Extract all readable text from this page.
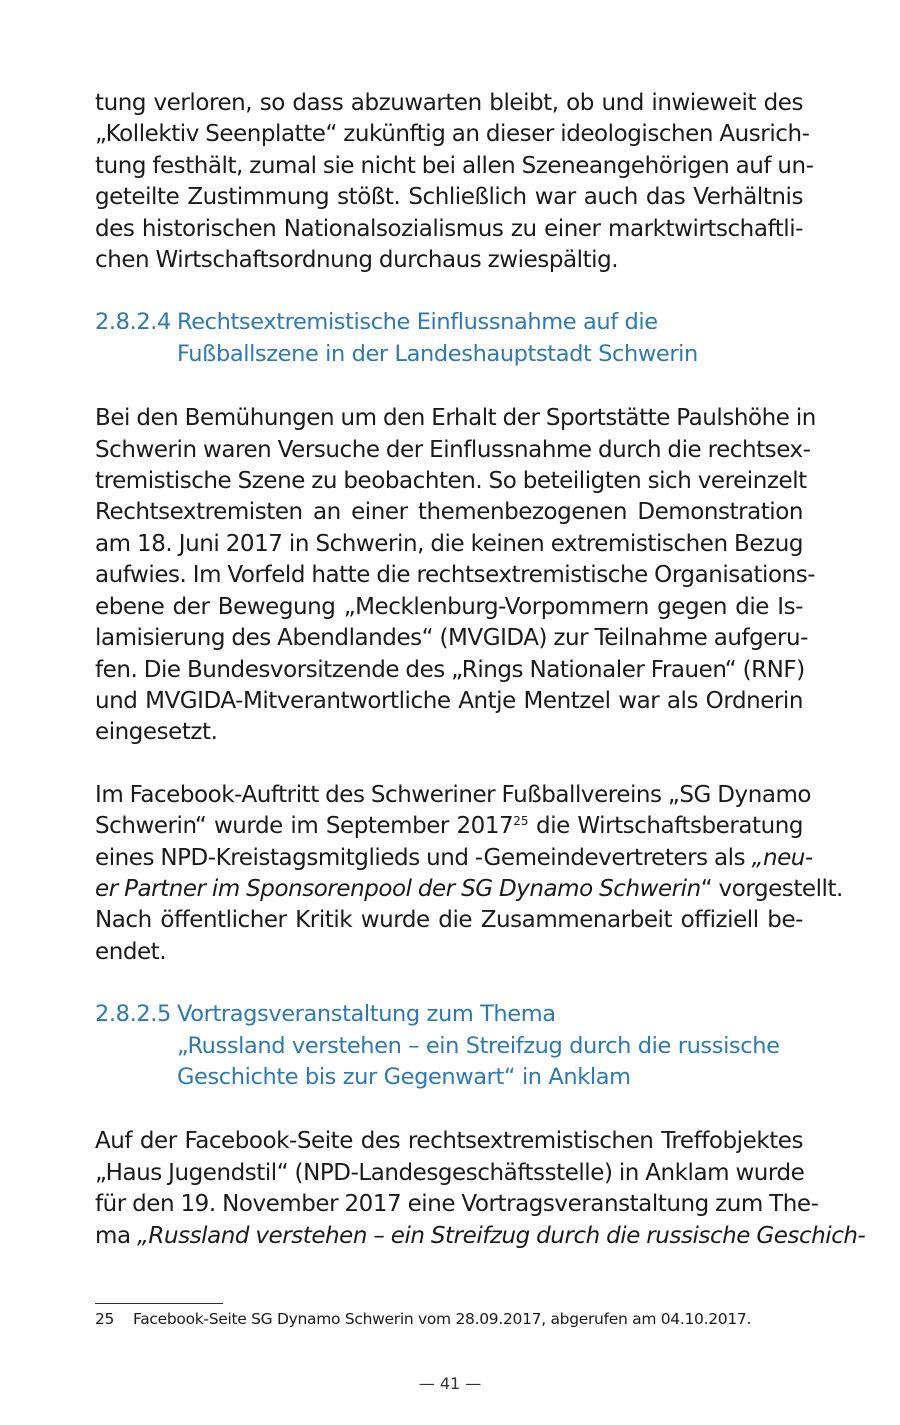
tung verloren, so dass abzuwarten bleibt, ob und inwieweit des
„Kollektiv Seenplatte“ zukünftig an dieser ideologischen Ausrich-
tung festhält, zumal sie nicht bei allen Szeneangehörigen auf un-
geteilte Zustimmung stößt. Schließlich war auch das Verhältnis
des historischen Nationalsozialismus zu einer marktwirtschaftli-
chen Wirtschaftsordnung durchaus zwiespältig.

2.8.2.4 Rechtsextremistische Einflussnahme auf die
Fußballszene in der Landeshauptstadt Schwerin

Bei den Bemühungen um den Erhalt der Sportstätte Paulshöhe in
Schwerin waren Versuche der Einflussnahme durch die rechtsex-
tremistische Szene zu beobachten. So beteiligten sich vereinzelt
Rechtsextremisten an einer themenbezogenen Demonstration
am 18. Juni 2017 in Schwerin, die keinen extremistischen Bezug
aufwies. Im Vorfeld hatte die rechtsextremistische Organisations-
ebene der Bewegung „Mecklenburg-Vorpommern gegen die Is-
lamisierung des Abendlandes“ (MVGIDA) zur Teilnahme aufgeru-
fen. Die Bundesvorsitzende des „Rings Nationaler Frauen“ (RNF)
und MVGIDA-Mitverantwortliche Antje Mentzel war als Ordnerin
eingesetzt.

Im Facebook-Auftritt des Schweriner Fußballvereins „SG Dynamo
Schwerin“ wurde im September 2017$^{25}$ die Wirtschaftsberatung
eines NPD-Kreistagsmitglieds und -Gemeindevertreters als „neu-
er Partner im Sponsorenpool der SG Dynamo Schwerin“ vorgestellt.
Nach öffentlicher Kritik wurde die Zusammenarbeit offiziell be-
endet.

2.8.2.5 Vortragsveranstaltung zum Thema
„Russland verstehen – ein Streifzug durch die russische
Geschichte bis zur Gegenwart“ in Anklam

Auf der Facebook-Seite des rechtsextremistischen Treffobjektes
„Haus Jugendstil“ (NPD-Landesgeschäftsstelle) in Anklam wurde
für den 19. November 2017 eine Vortragsveranstaltung zum The-
ma „Russland verstehen – ein Streifzug durch die russische Geschich-

25	Facebook-Seite SG Dynamo Schwerin vom 28.09.2017, abgerufen am 04.10.2017.
— 41 —
